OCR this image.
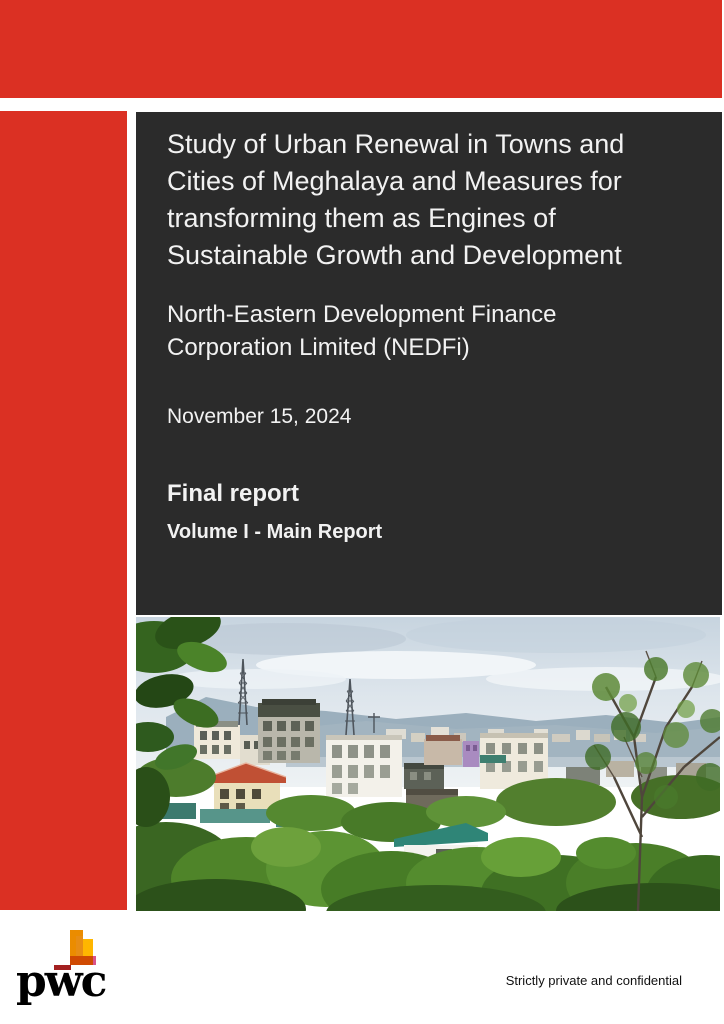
Study of Urban Renewal in Towns and
Cities of Meghalaya and Measures for
transforming them as Engines of
Sustainable Growth and Development
North-Eastern Development Finance
Corporation Limited (NEDFi)
November 15, 2024
Final report
Volume I - Main Report
pwc	Strictly private and confidential
